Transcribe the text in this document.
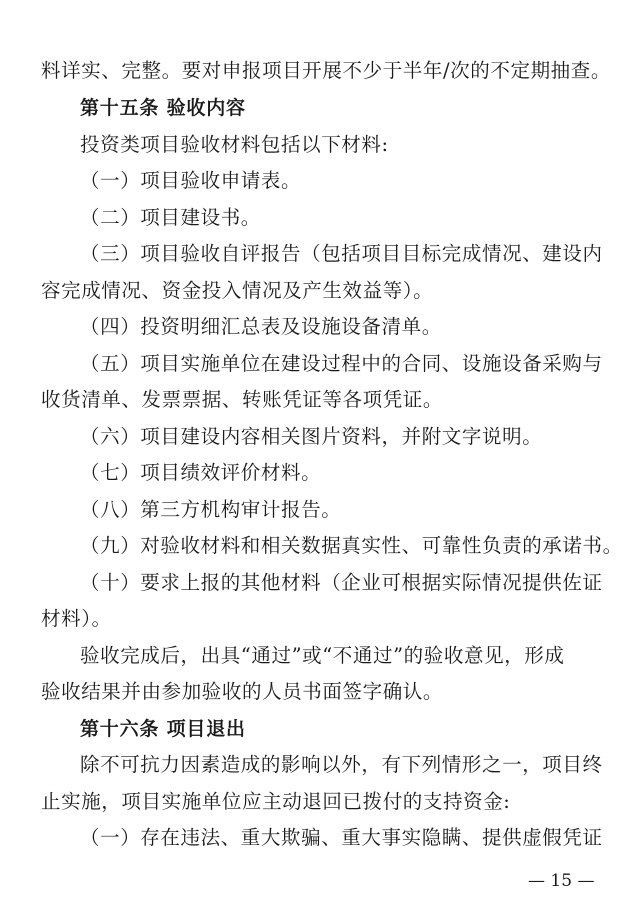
料详实、完整。要对申报项目开展不少于半年/次的不定期抽查。
第十五条 验收内容
投资类项目验收材料包括以下材料:
（一）项目验收申请表。
（二）项目建设书。
（三）项目验收自评报告（包括项目目标完成情况、建设内
容完成情况、资金投入情况及产生效益等）。
（四）投资明细汇总表及设施设备清单。
（五）项目实施单位在建设过程中的合同、设施设备采购与
收货清单、发票票据、转账凭证等各项凭证。
（六）项目建设内容相关图片资料，并附文字说明。
（七）项目绩效评价材料。
（八）第三方机构审计报告。
（九）对验收材料和相关数据真实性、可靠性负责的承诺书。
（十）要求上报的其他材料（企业可根据实际情况提供佐证
材料）。
验收完成后，出具“通过”或“不通过”的验收意见，形成
验收结果并由参加验收的人员书面签字确认。
第十六条 项目退出
除不可抗力因素造成的影响以外，有下列情形之一，项目终
止实施，项目实施单位应主动退回已拨付的支持资金:
（一）存在违法、重大欺骗、重大事实隐瞒、提供虚假凭证
— 15 —
